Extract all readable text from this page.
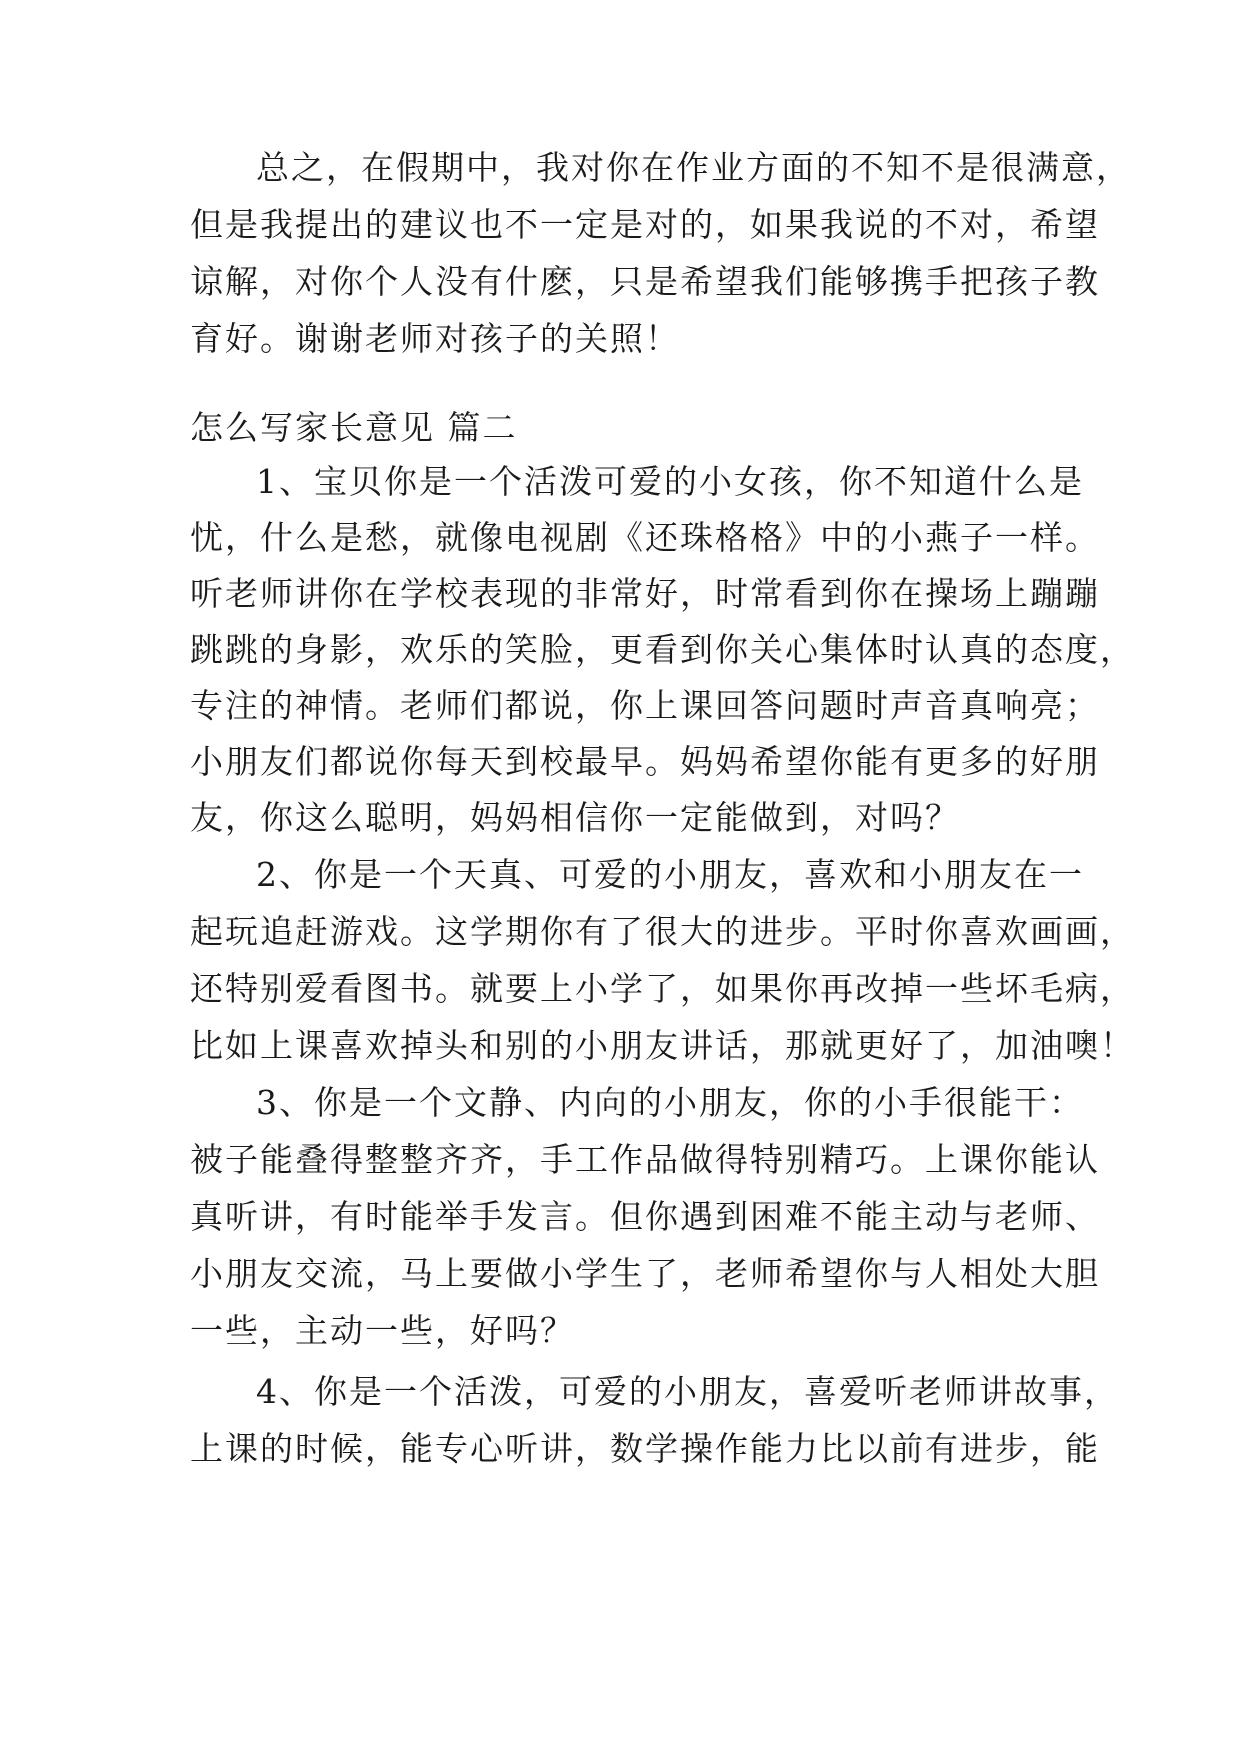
总之，在假期中，我对你在作业方面的不知不是很满意，
但是我提出的建议也不一定是对的，如果我说的不对，希望
谅解，对你个人没有什麽，只是希望我们能够携手把孩子教
育好。谢谢老师对孩子的关照！
怎么写家长意见 篇二
1、宝贝你是一个活泼可爱的小女孩，你不知道什么是
忧，什么是愁，就像电视剧《还珠格格》中的小燕子一样。
听老师讲你在学校表现的非常好，时常看到你在操场上蹦蹦
跳跳的身影，欢乐的笑脸，更看到你关心集体时认真的态度，
专注的神情。老师们都说，你上课回答问题时声音真响亮；
小朋友们都说你每天到校最早。妈妈希望你能有更多的好朋
友，你这么聪明，妈妈相信你一定能做到，对吗？
2、你是一个天真、可爱的小朋友，喜欢和小朋友在一
起玩追赶游戏。这学期你有了很大的进步。平时你喜欢画画，
还特别爱看图书。就要上小学了，如果你再改掉一些坏毛病，
比如上课喜欢掉头和别的小朋友讲话，那就更好了，加油噢！
3、你是一个文静、内向的小朋友，你的小手很能干：
被子能叠得整整齐齐，手工作品做得特别精巧。上课你能认
真听讲，有时能举手发言。但你遇到困难不能主动与老师、
小朋友交流，马上要做小学生了，老师希望你与人相处大胆
一些，主动一些，好吗？
4、你是一个活泼，可爱的小朋友，喜爱听老师讲故事，
上课的时候，能专心听讲，数学操作能力比以前有进步，能
